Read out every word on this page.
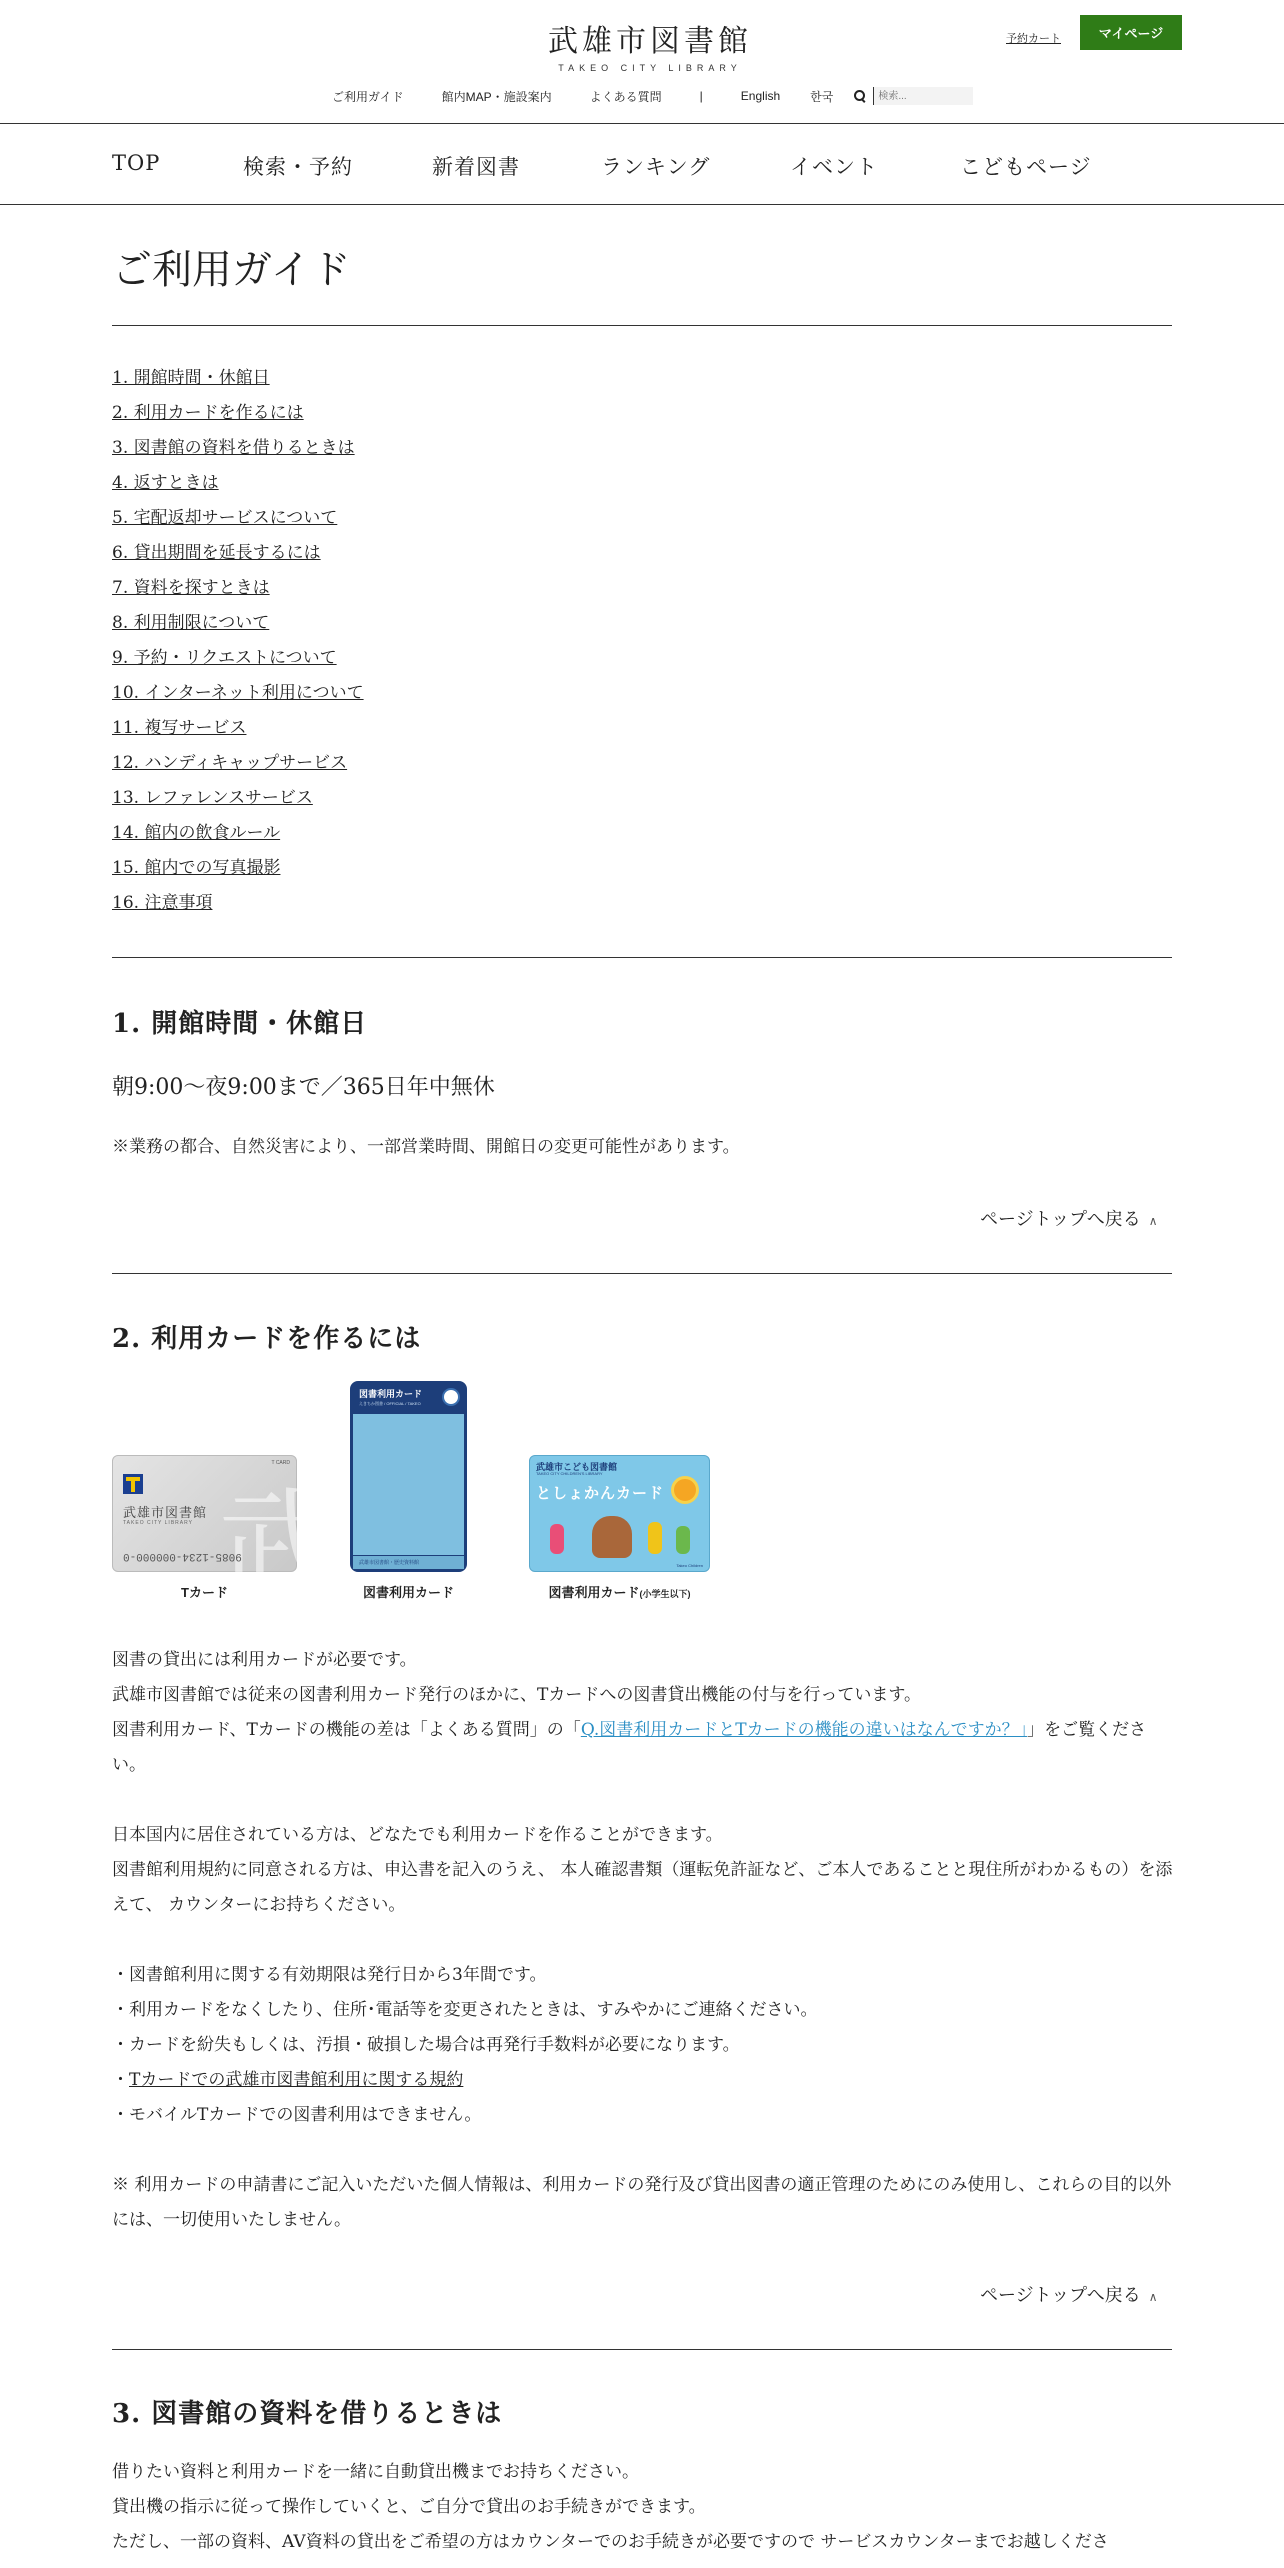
武雄市図書館
TAKEO CITY LIBRARY
予約カート	マイページ
ご利用ガイド	館内MAP・施設案内	よくある質問	|	English	한국
検索...
TOP	検索・予約	新着図書	ランキング	イベント	こどもページ
ご利用ガイド
1. 開館時間・休館日
2. 利用カードを作るには
3. 図書館の資料を借りるときは
4. 返すときは
5. 宅配返却サービスについて
6. 貸出期間を延長するには
7. 資料を探すときは
8. 利用制限について
9. 予約・リクエストについて
10. インターネット利用について
11. 複写サービス
12. ハンディキャップサービス
13. レファレンスサービス
14. 館内の飲食ルール
15. 館内での写真撮影
16. 注意事項
1. 開館時間・休館日
朝9:00～夜9:00まで／365日年中無休
※業務の都合、自然災害により、一部営業時間、開館日の変更可能性があります。
ページトップへ戻る ∧
2. 利用カードを作るには
武
T CARD
武雄市図書館
TAKEO CITY LIBRARY
9085-1234-000000-0
Tカード
図書利用カード
えきちか図書 / OFFICIAL / TAKEO
武雄市図書館・歴史資料館
図書利用カード
武雄市こども図書館
TAKEO CITY CHILDREN'S LIBRARY
としょかんカード
Takeo Children
図書利用カード(小学生以下)
図書の貸出には利用カードが必要です。
武雄市図書館では従来の図書利用カード発行のほかに、Tカードへの図書貸出機能の付与を行っています。
図書利用カード、Tカードの機能の差は「よくある質問」の「Q.図書利用カードとTカードの機能の違いはなんですか？」」をご覧ください。
日本国内に居住されている方は、どなたでも利用カードを作ることができます。
図書館利用規約に同意される方は、申込書を記入のうえ、 本人確認書類（運転免許証など、ご本人であることと現住所がわかるもの）を添えて、 カウンターにお持ちください。
・図書館利用に関する有効期限は発行日から3年間です。
・利用カードをなくしたり、住所･電話等を変更されたときは、すみやかにご連絡ください。
・カードを紛失もしくは、汚損・破損した場合は再発行手数料が必要になります。
・Tカードでの武雄市図書館利用に関する規約
・モバイルTカードでの図書利用はできません。
※ 利用カードの申請書にご記入いただいた個人情報は、利用カードの発行及び貸出図書の適正管理のためにのみ使用し、これらの目的以外には、一切使用いたしません。
ページトップへ戻る ∧
3. 図書館の資料を借りるときは
借りたい資料と利用カードを一緒に自動貸出機までお持ちください。
貸出機の指示に従って操作していくと、ご自分で貸出のお手続きができます。
ただし、一部の資料、AV資料の貸出をご希望の方はカウンターでのお手続きが必要ですので サービスカウンターまでお越しくださ
